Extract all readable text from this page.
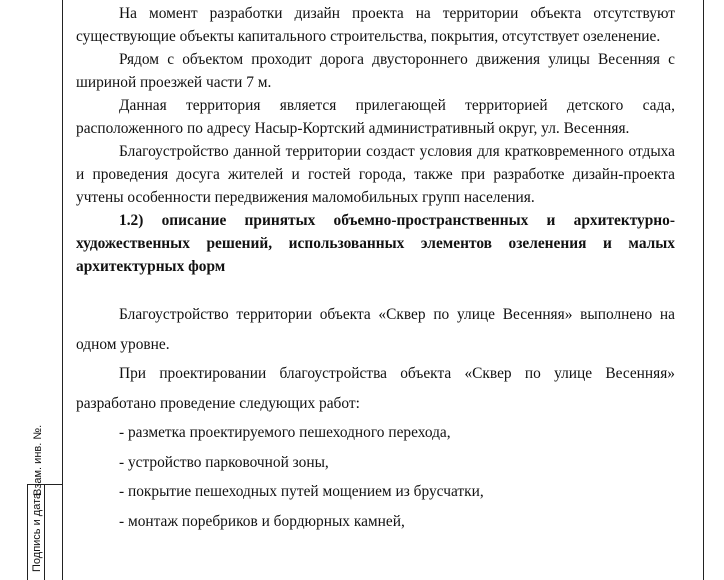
Подпись и дата
Взам. инв. №.

На момент разработки дизайн проекта на территории объекта отсутствуют существующие объекты капитального строительства, покрытия, отсутствует озеленение.

Рядом с объектом проходит дорога двустороннего движения улицы Весенняя с шириной проезжей части 7 м.

Данная территория является прилегающей территорией детского сада, расположенного по адресу Насыр-Кортский административный округ, ул. Весенняя.

Благоустройство данной территории создаст условия для кратковременного отдыха и проведения досуга жителей и гостей города, также при разработке дизайн-проекта учтены особенности передвижения маломобильных групп населения.

1.2) описание принятых объемно-пространственных и архитектурно-художественных решений, использованных элементов озеленения и малых архитектурных форм

Благоустройство территории объекта «Сквер по улице Весенняя» выполнено на одном уровне.

При проектировании благоустройства объекта «Сквер по улице Весенняя» разработано проведение следующих работ:

- разметка проектируемого пешеходного перехода,
- устройство парковочной зоны,
- покрытие пешеходных путей мощением из брусчатки,
- монтаж поребриков и бордюрных камней,
